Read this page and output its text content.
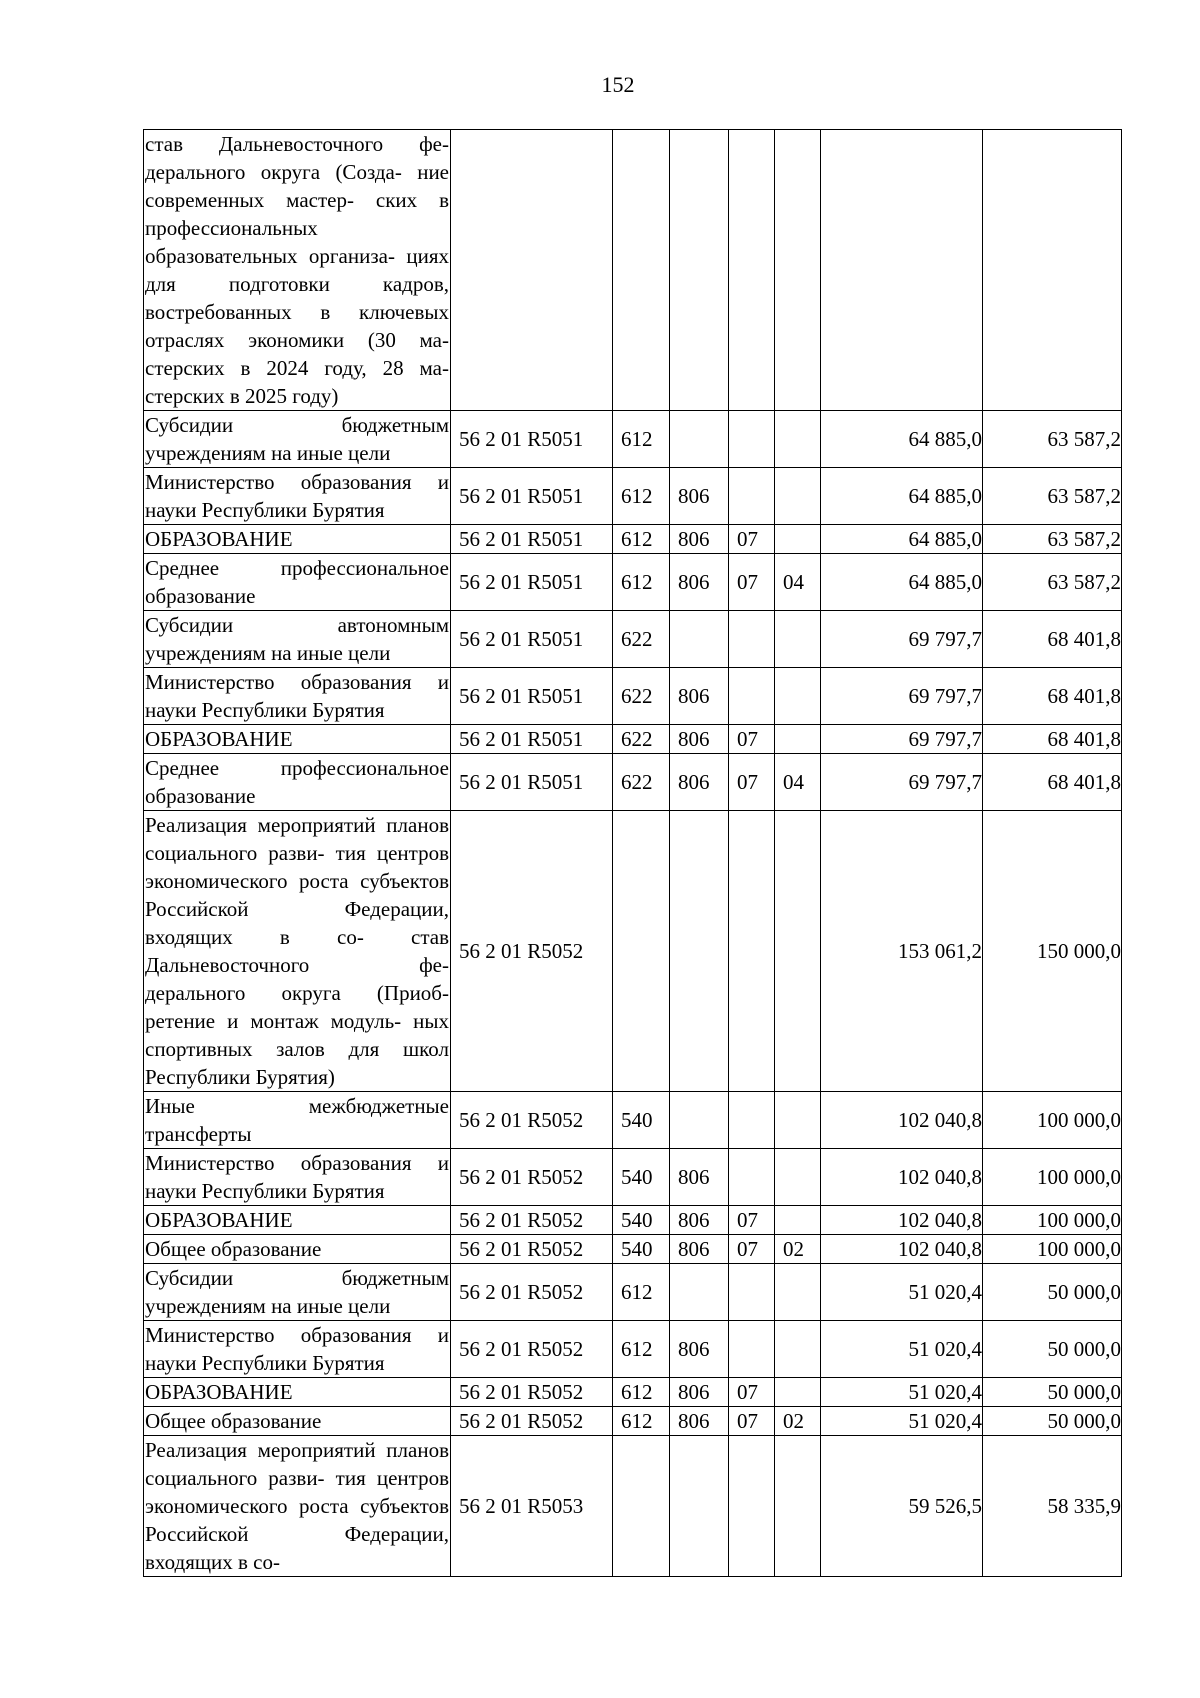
152
став Дальневосточного фе- дерального округа (Созда- ние современных мастер- ских в профессиональных образовательных организа- циях для подготовки кадров, востребованных в ключевых отраслях экономики (30 ма- стерских в 2024 году, 28 ма- стерских в 2025 году)							

Субсидии бюджетным учреждениям на иные цели	56 2 01 R5051	612				64 885,0	63 587,2

Министерство образования и науки Республики Бурятия	56 2 01 R5051	612	806			64 885,0	63 587,2

ОБРАЗОВАНИЕ	56 2 01 R5051	612	806	07		64 885,0	63 587,2

Среднее профессиональное образование	56 2 01 R5051	612	806	07	04	64 885,0	63 587,2

Субсидии автономным учреждениям на иные цели	56 2 01 R5051	622				69 797,7	68 401,8

Министерство образования и науки Республики Бурятия	56 2 01 R5051	622	806			69 797,7	68 401,8

ОБРАЗОВАНИЕ	56 2 01 R5051	622	806	07		69 797,7	68 401,8

Среднее профессиональное образование	56 2 01 R5051	622	806	07	04	69 797,7	68 401,8

Реализация мероприятий планов социального разви- тия центров экономического роста субъектов Российской Федерации, входящих в со- став Дальневосточного фе- дерального округа (Приоб- ретение и монтаж модуль- ных спортивных залов для школ Республики Бурятия)	56 2 01 R5052					153 061,2	150 000,0

Иные межбюджетные трансферты	56 2 01 R5052	540				102 040,8	100 000,0

Министерство образования и науки Республики Бурятия	56 2 01 R5052	540	806			102 040,8	100 000,0

ОБРАЗОВАНИЕ	56 2 01 R5052	540	806	07		102 040,8	100 000,0

Общее образование	56 2 01 R5052	540	806	07	02	102 040,8	100 000,0

Субсидии бюджетным учреждениям на иные цели	56 2 01 R5052	612				51 020,4	50 000,0

Министерство образования и науки Республики Бурятия	56 2 01 R5052	612	806			51 020,4	50 000,0

ОБРАЗОВАНИЕ	56 2 01 R5052	612	806	07		51 020,4	50 000,0

Общее образование	56 2 01 R5052	612	806	07	02	51 020,4	50 000,0

Реализация мероприятий планов социального разви- тия центров экономического роста субъектов Российской Федерации, входящих в со-	56 2 01 R5053					59 526,5	58 335,9
